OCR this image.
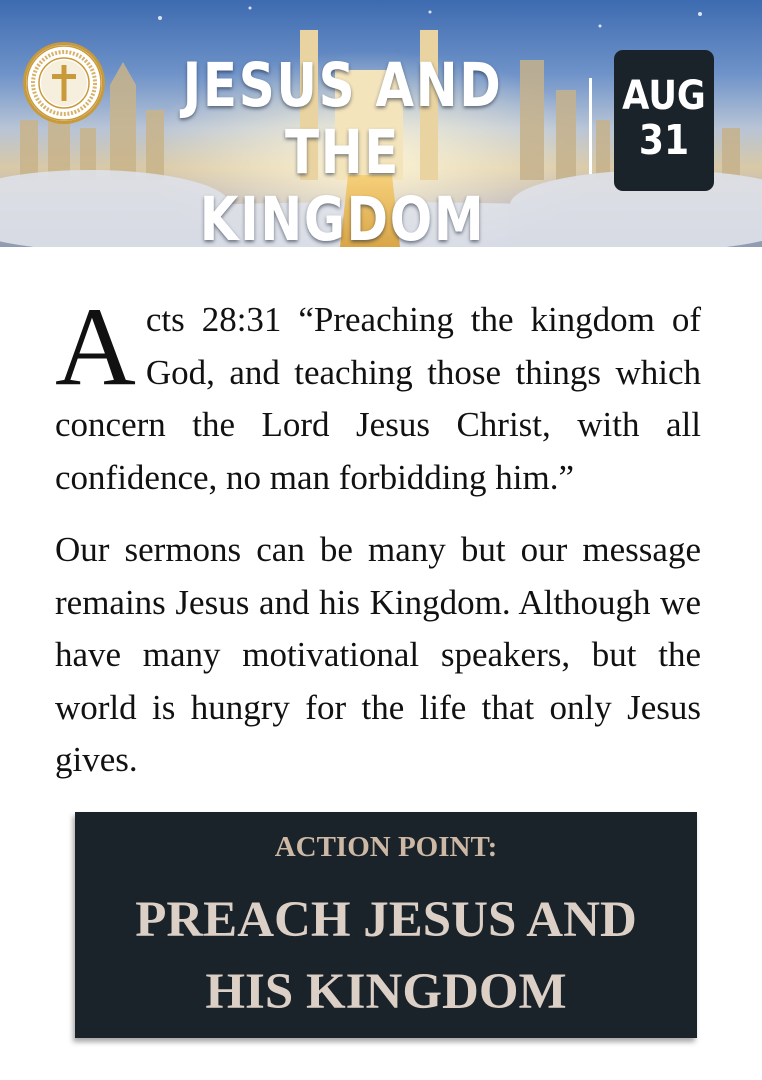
JESUS AND
THE KINGDOM
AUG
31

Acts 28:31 “Preaching the kingdom of God, and teaching those things which concern the Lord Jesus Christ, with all confidence, no man forbidding him.”

Our sermons can be many but our message remains Jesus and his Kingdom. Although we have many motivational speakers, but the world is hungry for the life that only Jesus gives.

ACTION POINT:
PREACH JESUS AND
HIS KINGDOM
